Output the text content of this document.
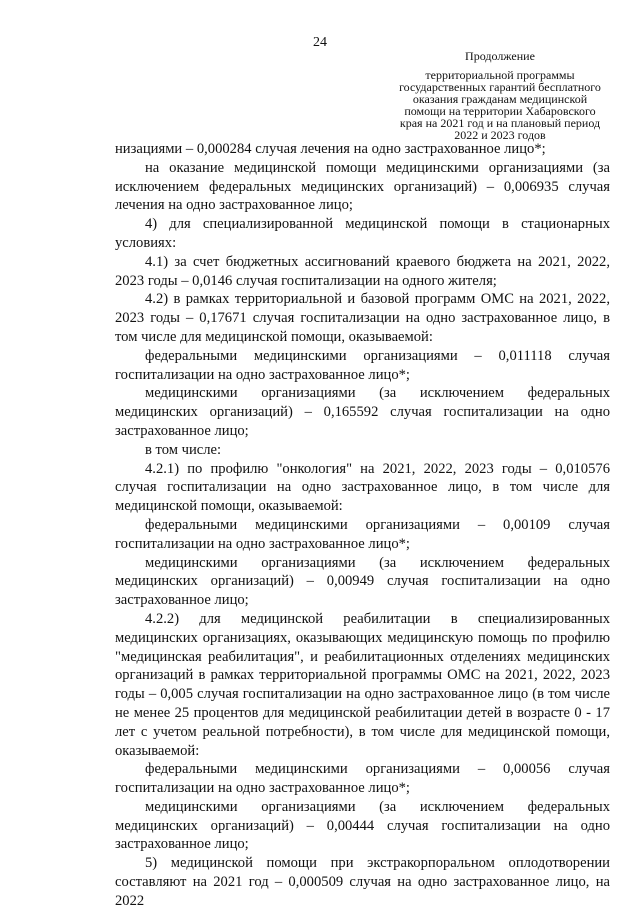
24
Продолжение
территориальной программы
государственных гарантий бесплатного
оказания гражданам медицинской
помощи на территории Хабаровского
края на 2021 год и на плановый период
2022 и 2023 годов

низациями – 0,000284 случая лечения на одно застрахованное лицо*;

на оказание медицинской помощи медицинскими организациями (за исключением федеральных медицинских организаций) – 0,006935 случая лечения на одно застрахованное лицо;

4) для специализированной медицинской помощи в стационарных условиях:

4.1) за счет бюджетных ассигнований краевого бюджета на 2021, 2022, 2023 годы – 0,0146 случая госпитализации на одного жителя;

4.2) в рамках территориальной и базовой программ ОМС на 2021, 2022, 2023 годы – 0,17671 случая госпитализации на одно застрахованное лицо, в том числе для медицинской помощи, оказываемой:

федеральными медицинскими организациями – 0,011118 случая госпитализации на одно застрахованное лицо*;

медицинскими организациями (за исключением федеральных медицинских организаций) – 0,165592 случая госпитализации на одно застрахованное лицо;

в том числе:

4.2.1) по профилю "онкология" на 2021, 2022, 2023 годы – 0,010576 случая госпитализации на одно застрахованное лицо, в том числе для медицинской помощи, оказываемой:

федеральными медицинскими организациями – 0,00109 случая госпитализации на одно застрахованное лицо*;

медицинскими организациями (за исключением федеральных медицинских организаций) – 0,00949 случая госпитализации на одно застрахованное лицо;

4.2.2) для медицинской реабилитации в специализированных медицинских организациях, оказывающих медицинскую помощь по профилю "медицинская реабилитация", и реабилитационных отделениях медицинских организаций в рамках территориальной программы ОМС на 2021, 2022, 2023 годы – 0,005 случая госпитализации на одно застрахованное лицо (в том числе не менее 25 процентов для медицинской реабилитации детей в возрасте 0 - 17 лет с учетом реальной потребности), в том числе для медицинской помощи, оказываемой:

федеральными медицинскими организациями – 0,00056 случая госпитализации на одно застрахованное лицо*;

медицинскими организациями (за исключением федеральных медицинских организаций) – 0,00444 случая госпитализации на одно застрахованное лицо;

5) медицинской помощи при экстракорпоральном оплодотворении составляют на 2021 год – 0,000509 случая на одно застрахованное лицо, на 2022
